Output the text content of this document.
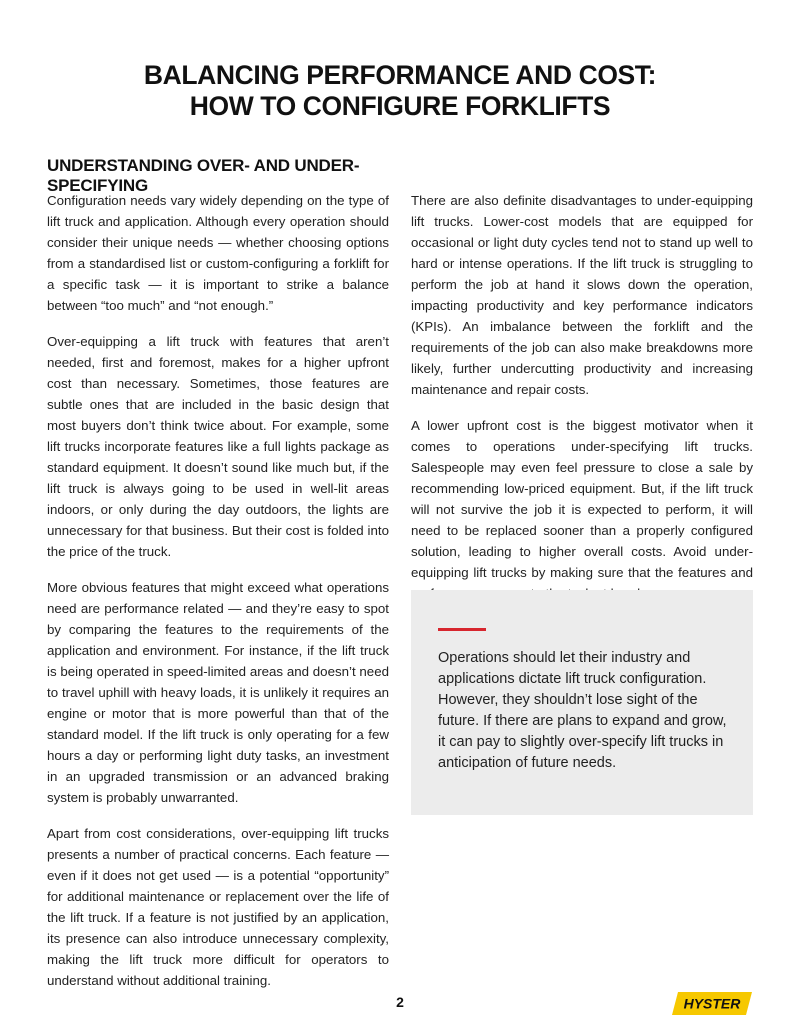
BALANCING PERFORMANCE AND COST:
HOW TO CONFIGURE FORKLIFTS
UNDERSTANDING OVER- AND UNDER-SPECIFYING

Configuration needs vary widely depending on the type of lift truck and application. Although every operation should consider their unique needs — whether choosing options from a standardised list or custom-configuring a forklift for a specific task — it is important to strike a balance between “too much” and “not enough.”

Over-equipping a lift truck with features that aren’t needed, first and foremost, makes for a higher upfront cost than necessary. Sometimes, those features are subtle ones that are included in the basic design that most buyers don’t think twice about. For example, some lift trucks incorporate features like a full lights package as standard equipment. It doesn’t sound like much but, if the lift truck is always going to be used in well-lit areas indoors, or only during the day outdoors, the lights are unnecessary for that business. But their cost is folded into the price of the truck.

More obvious features that might exceed what operations need are performance related — and they’re easy to spot by comparing the features to the requirements of the application and environment. For instance, if the lift truck is being operated in speed-limited areas and doesn’t need to travel uphill with heavy loads, it is unlikely it requires an engine or motor that is more powerful than that of the standard model. If the lift truck is only operating for a few hours a day or performing light duty tasks, an investment in an upgraded transmission or an advanced braking system is probably unwarranted.

Apart from cost considerations, over-equipping lift trucks presents a number of practical concerns. Each feature — even if it does not get used — is a potential “opportunity” for additional maintenance or replacement over the life of the lift truck. If a feature is not justified by an application, its presence can also introduce unnecessary complexity, making the lift truck more difficult for operators to understand without additional training.

There are also definite disadvantages to under-equipping lift trucks. Lower-cost models that are equipped for occasional or light duty cycles tend not to stand up well to hard or intense operations. If the lift truck is struggling to perform the job at hand it slows down the operation, impacting productivity and key performance indicators (KPIs). An imbalance between the forklift and the requirements of the job can also make breakdowns more likely, further undercutting productivity and increasing maintenance and repair costs.

A lower upfront cost is the biggest motivator when it comes to operations under-specifying lift trucks. Salespeople may even feel pressure to close a sale by recommending low-priced equipment. But, if the lift truck will not survive the job it is expected to perform, it will need to be replaced sooner than a properly configured solution, leading to higher overall costs. Avoid under-equipping lift trucks by making sure that the features and

Operations should let their industry and applications dictate lift truck configuration. However, they shouldn’t lose sight of the future. If there are plans to expand and grow, it can pay to slightly over-specify lift trucks in anticipation of future needs.
2	HYSTER
